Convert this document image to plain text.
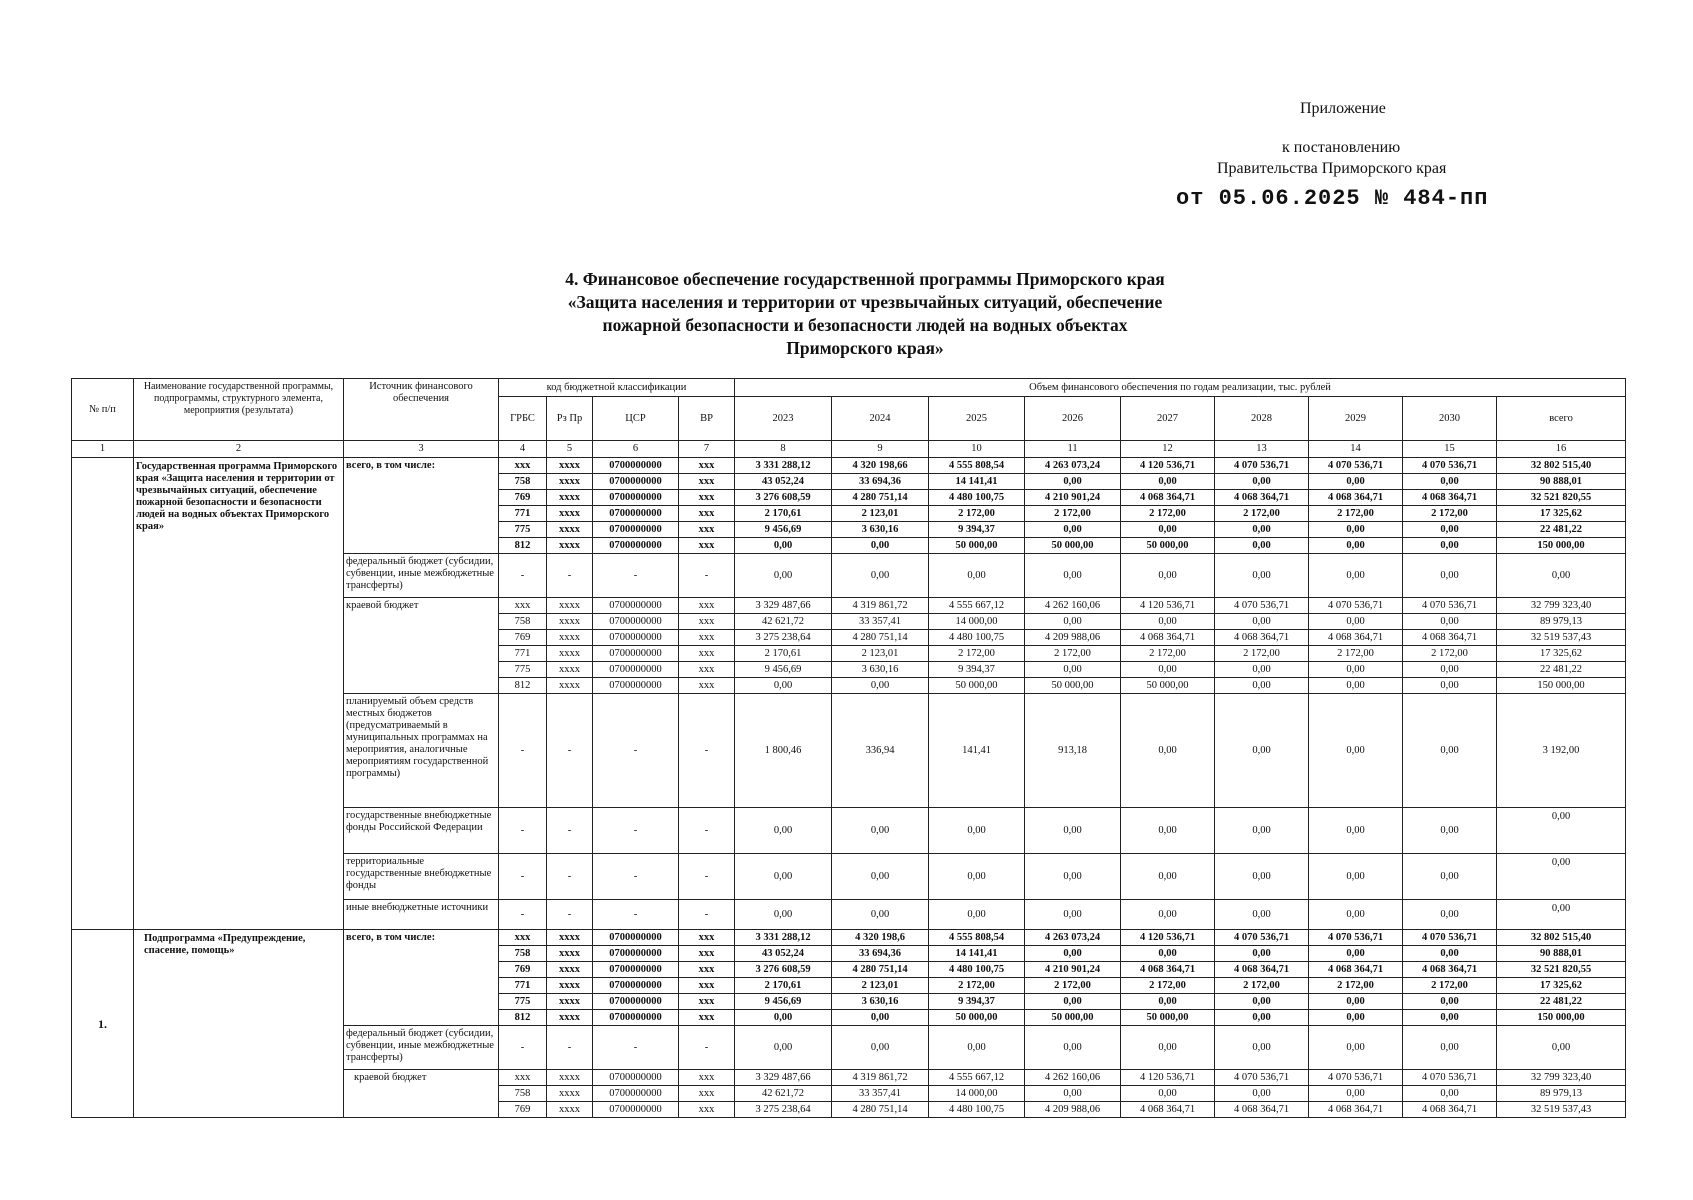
Приложение
к постановлению
Правительства Приморского края
от 05.06.2025 № 484-пп
4. Финансовое обеспечение государственной программы Приморского края
«Защита населения и территории от чрезвычайных ситуаций, обеспечение
пожарной безопасности и безопасности людей на водных объектах
Приморского края»
№ п/п	Наименование государственной программы, подпрограммы, структурного элемента, мероприятия (результата)	Источник финансового обеспечения	код бюджетной классификации				Объем финансового обеспечения по годам реализации, тыс. рублей								
			ГРБС	Рз Пр	ЦСР	ВР	2023	2024	2025	2026	2027	2028	2029	2030	всего
1	2	3	4	5	6	7	8	9	10	11	12	13	14	15	16
	Государственная программа Приморского края «Защита населения и территории от чрезвычайных ситуаций, обеспечение пожарной безопасности и безопасности людей на водных объектах Приморского края»	всего, в том числе:	xxx	xxxx	0700000000	xxx	3 331 288,12	4 320 198,66	4 555 808,54	4 263 073,24	4 120 536,71	4 070 536,71	4 070 536,71	4 070 536,71	32 802 515,40
			758	xxxx	0700000000	xxx	43 052,24	33 694,36	14 141,41	0,00	0,00	0,00	0,00	0,00	90 888,01
			769	xxxx	0700000000	xxx	3 276 608,59	4 280 751,14	4 480 100,75	4 210 901,24	4 068 364,71	4 068 364,71	4 068 364,71	4 068 364,71	32 521 820,55
			771	xxxx	0700000000	xxx	2 170,61	2 123,01	2 172,00	2 172,00	2 172,00	2 172,00	2 172,00	2 172,00	17 325,62
			775	xxxx	0700000000	xxx	9 456,69	3 630,16	9 394,37	0,00	0,00	0,00	0,00	0,00	22 481,22
			812	xxxx	0700000000	xxx	0,00	0,00	50 000,00	50 000,00	50 000,00	0,00	0,00	0,00	150 000,00
		федеральный бюджет (субсидии, субвенции, иные межбюджетные трансферты)	-	-	-	-	0,00	0,00	0,00	0,00	0,00	0,00	0,00	0,00	0,00
		краевой бюджет	xxx	xxxx	0700000000	xxx	3 329 487,66	4 319 861,72	4 555 667,12	4 262 160,06	4 120 536,71	4 070 536,71	4 070 536,71	4 070 536,71	32 799 323,40
			758	xxxx	0700000000	xxx	42 621,72	33 357,41	14 000,00	0,00	0,00	0,00	0,00	0,00	89 979,13
			769	xxxx	0700000000	xxx	3 275 238,64	4 280 751,14	4 480 100,75	4 209 988,06	4 068 364,71	4 068 364,71	4 068 364,71	4 068 364,71	32 519 537,43
			771	xxxx	0700000000	xxx	2 170,61	2 123,01	2 172,00	2 172,00	2 172,00	2 172,00	2 172,00	2 172,00	17 325,62
			775	xxxx	0700000000	xxx	9 456,69	3 630,16	9 394,37	0,00	0,00	0,00	0,00	0,00	22 481,22
			812	xxxx	0700000000	xxx	0,00	0,00	50 000,00	50 000,00	50 000,00	0,00	0,00	0,00	150 000,00
		планируемый объем средств местных бюджетов (предусматриваемый в муниципальных программах на мероприятия, аналогичные мероприятиям государственной программы)	-	-	-	-	1 800,46	336,94	141,41	913,18	0,00	0,00	0,00	0,00	3 192,00
		государственные внебюджетные фонды Российской Федерации	-	-	-	-	0,00	0,00	0,00	0,00	0,00	0,00	0,00	0,00	0,00
		территориальные государственные внебюджетные фонды	-	-	-	-	0,00	0,00	0,00	0,00	0,00	0,00	0,00	0,00	0,00
		иные внебюджетные источники	-	-	-	-	0,00	0,00	0,00	0,00	0,00	0,00	0,00	0,00	0,00
1.	Подпрограмма «Предупреждение, спасение, помощь»	всего, в том числе:	xxx	xxxx	0700000000	xxx	3 331 288,12	4 320 198,6	4 555 808,54	4 263 073,24	4 120 536,71	4 070 536,71	4 070 536,71	4 070 536,71	32 802 515,40
			758	xxxx	0700000000	xxx	43 052,24	33 694,36	14 141,41	0,00	0,00	0,00	0,00	0,00	90 888,01
			769	xxxx	0700000000	xxx	3 276 608,59	4 280 751,14	4 480 100,75	4 210 901,24	4 068 364,71	4 068 364,71	4 068 364,71	4 068 364,71	32 521 820,55
			771	xxxx	0700000000	xxx	2 170,61	2 123,01	2 172,00	2 172,00	2 172,00	2 172,00	2 172,00	2 172,00	17 325,62
			775	xxxx	0700000000	xxx	9 456,69	3 630,16	9 394,37	0,00	0,00	0,00	0,00	0,00	22 481,22
			812	xxxx	0700000000	xxx	0,00	0,00	50 000,00	50 000,00	50 000,00	0,00	0,00	0,00	150 000,00
		федеральный бюджет (субсидии, субвенции, иные межбюджетные трансферты)	-	-	-	-	0,00	0,00	0,00	0,00	0,00	0,00	0,00	0,00	0,00
		краевой бюджет	xxx	xxxx	0700000000	xxx	3 329 487,66	4 319 861,72	4 555 667,12	4 262 160,06	4 120 536,71	4 070 536,71	4 070 536,71	4 070 536,71	32 799 323,40
			758	xxxx	0700000000	xxx	42 621,72	33 357,41	14 000,00	0,00	0,00	0,00	0,00	0,00	89 979,13
			769	xxxx	0700000000	xxx	3 275 238,64	4 280 751,14	4 480 100,75	4 209 988,06	4 068 364,71	4 068 364,71	4 068 364,71	4 068 364,71	32 519 537,43
